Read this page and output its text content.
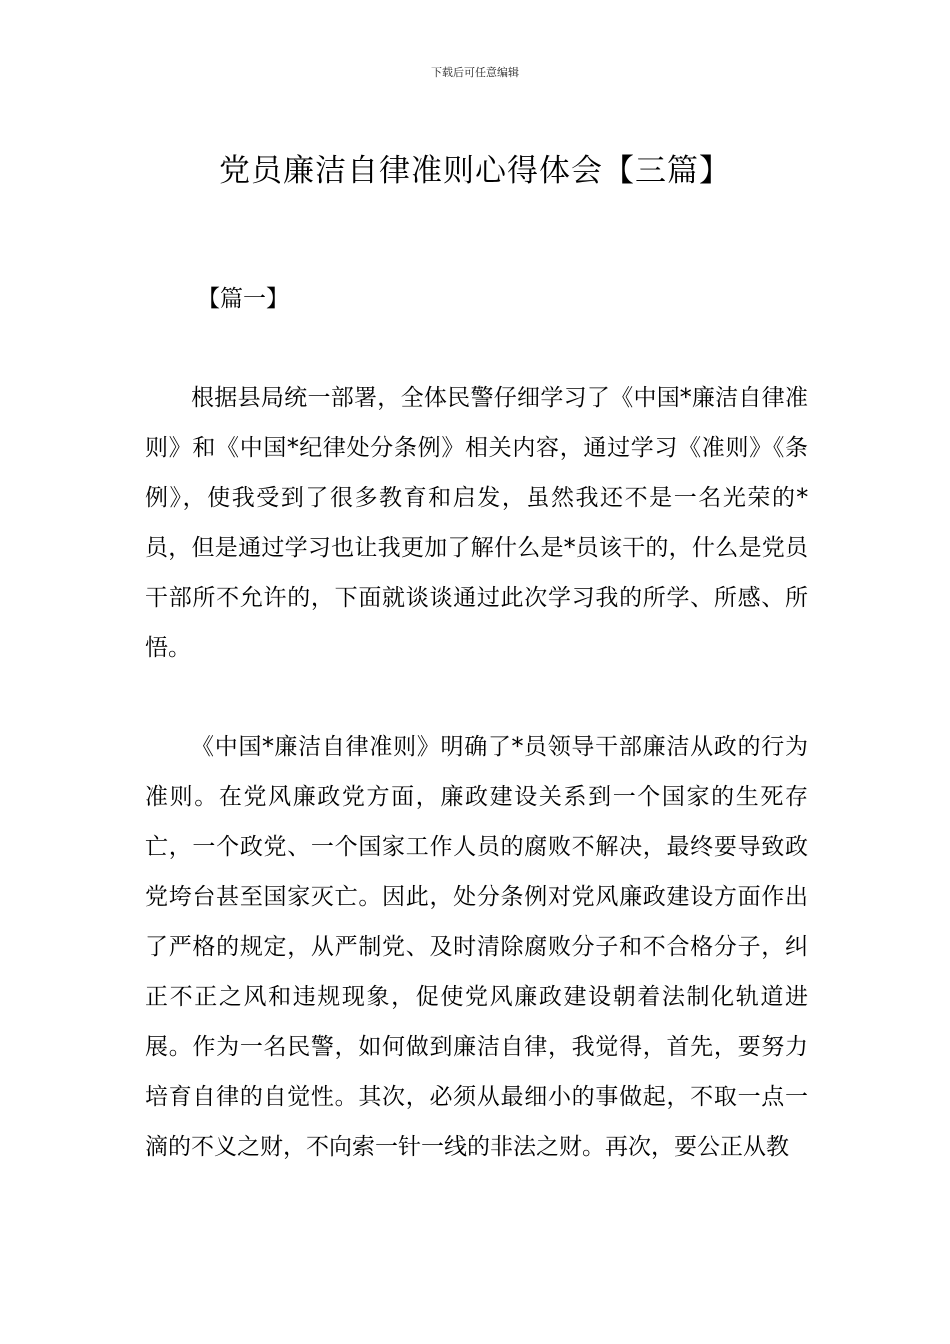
下载后可任意编辑
党员廉洁自律准则心得体会【三篇】
【篇一】

根据县局统一部署，全体民警仔细学习了《中国*廉洁自律准则》和《中国*纪律处分条例》相关内容，通过学习《准则》《条例》，使我受到了很多教育和启发，虽然我还不是一名光荣的*员，但是通过学习也让我更加了解什么是*员该干的，什么是党员干部所不允许的，下面就谈谈通过此次学习我的所学、所感、所悟。

《中国*廉洁自律准则》明确了*员领导干部廉洁从政的行为准则。在党风廉政党方面，廉政建设关系到一个国家的生死存亡，一个政党、一个国家工作人员的腐败不解决，最终要导致政党垮台甚至国家灭亡。因此，处分条例对党风廉政建设方面作出了严格的规定，从严制党、及时清除腐败分子和不合格分子，纠正不正之风和违规现象，促使党风廉政建设朝着法制化轨道进展。作为一名民警，如何做到廉洁自律，我觉得，首先，要努力培育自律的自觉性。其次，必须从最细小的事做起，不取一点一滴的不义之财，不向索一针一线的非法之财。再次，要公正从教
